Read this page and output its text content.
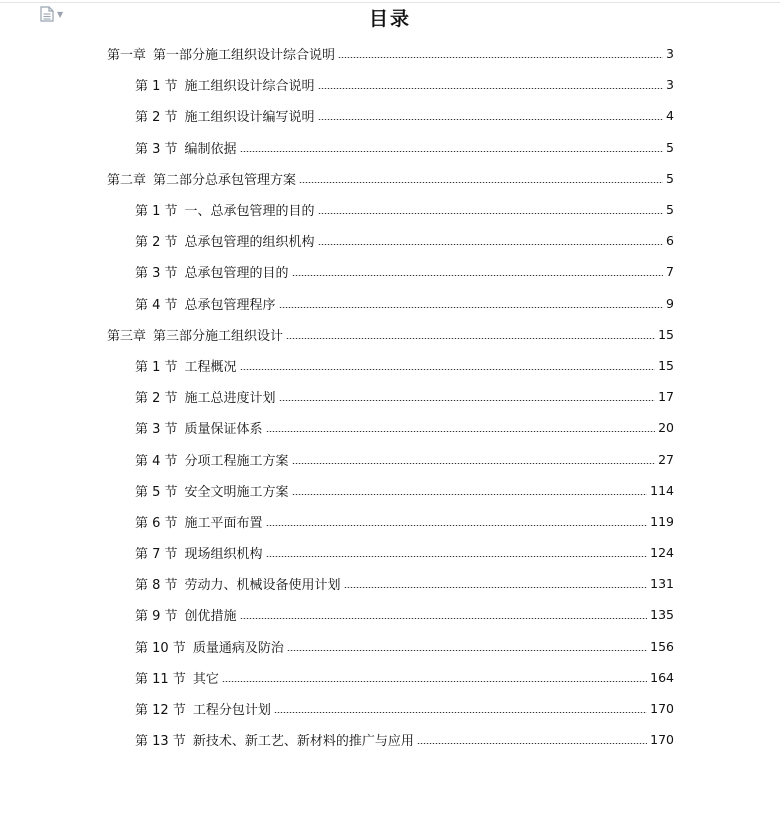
▼	目录
第一章 第一部分施工组织设计综合说明	3
第 1 节 施工组织设计综合说明	3
第 2 节 施工组织设计编写说明	4
第 3 节 编制依据	5
第二章 第二部分总承包管理方案	5
第 1 节 一、总承包管理的目的	5
第 2 节 总承包管理的组织机构	6
第 3 节 总承包管理的目的	7
第 4 节 总承包管理程序	9
第三章 第三部分施工组织设计	15
第 1 节 工程概况	15
第 2 节 施工总进度计划	17
第 3 节 质量保证体系	20
第 4 节 分项工程施工方案	27
第 5 节 安全文明施工方案	114
第 6 节 施工平面布置	119
第 7 节 现场组织机构	124
第 8 节 劳动力、机械设备使用计划	131
第 9 节 创优措施	135
第 10 节 质量通病及防治	156
第 11 节 其它	164
第 12 节 工程分包计划	170
第 13 节 新技术、新工艺、新材料的推广与应用	170
